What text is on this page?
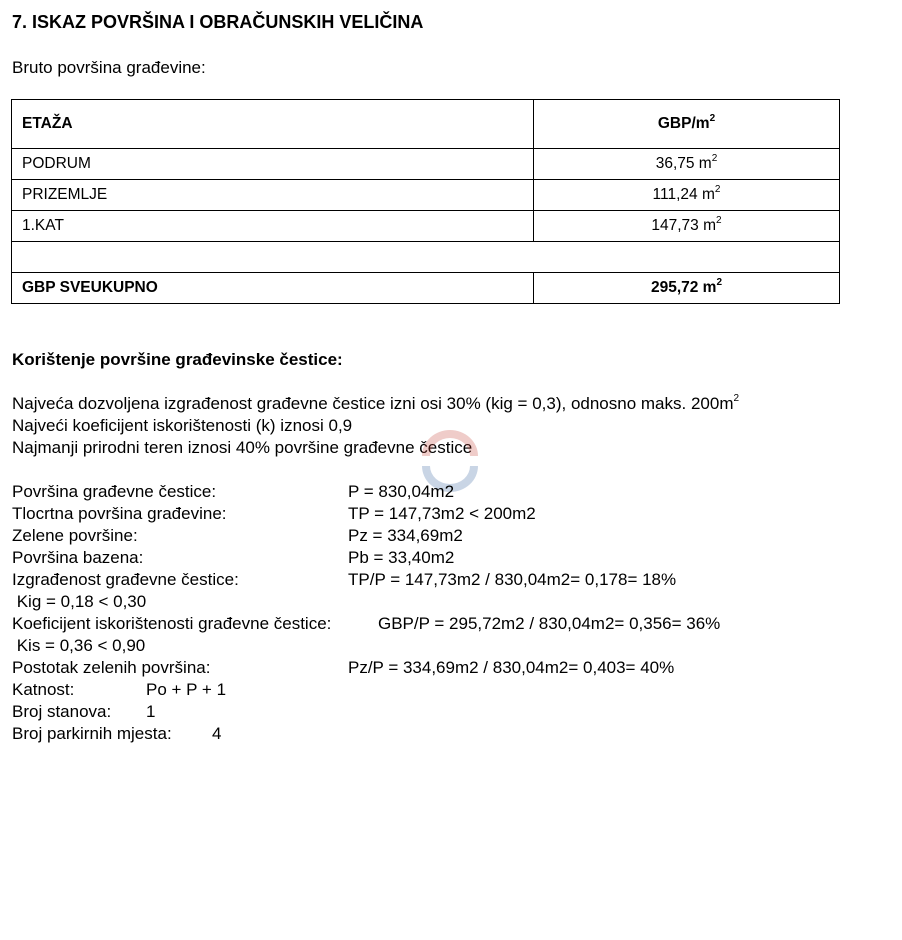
7. ISKAZ POVRŠINA I OBRAČUNSKIH VELIČINA
Bruto površina građevine:
ETAŽA	GBP/$m^2$
PODRUM	36,75 $m^2$
PRIZEMLJE	111,24 $m^2$
1.KAT	147,73 $m^2$

GBP SVEUKUPNO	295,72 $m^2$
Korištenje površine građevinske čestice:
Najveća dozvoljena izgrađenost građevne čestice izni osi 30% (kig = 0,3), odnosno maks. $200m^2$
Najveći koeficijent iskorištenosti (k) iznosi 0,9
Najmanji prirodni teren iznosi 40% površine građevne čestice
Površina građevne čestice:	P = 830,04m2
Tlocrtna površina građevine:	TP = 147,73m2 < 200m2
Zelene površine:	Pz = 334,69m2
Površina bazena:	Pb = 33,40m2
Izgrađenost građevne čestice:	TP/P = 147,73m2 / 830,04m2= 0,178= 18%
Kig = 0,18 < 0,30
Koeficijent iskorištenosti građevne čestice:	GBP/P = 295,72m2 / 830,04m2= 0,356= 36%
Kis = 0,36 < 0,90
Postotak zelenih površina:	Pz/P = 334,69m2 / 830,04m2= 0,403= 40%
Katnost:	Po + P + 1
Broj stanova: 1
Broj parkirnih mjesta: 4
